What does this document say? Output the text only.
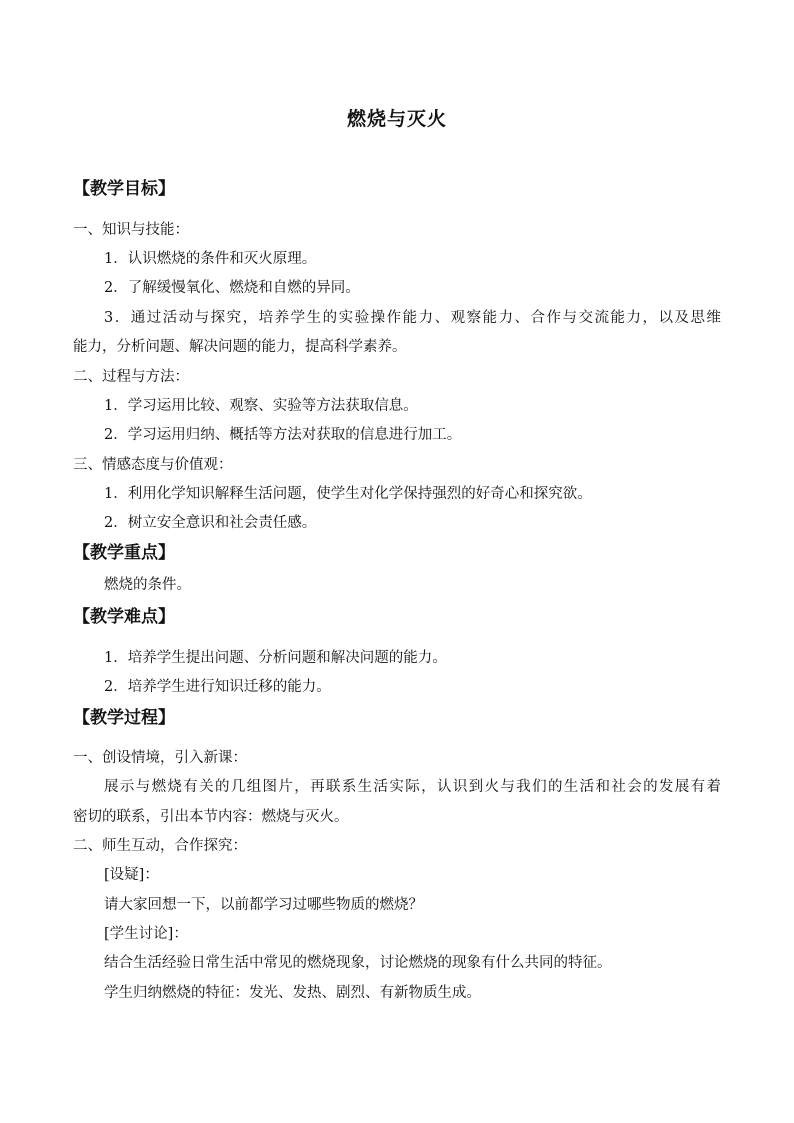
燃烧与灭火
【教学目标】
一、知识与技能：
1．认识燃烧的条件和灭火原理。
2．了解缓慢氧化、燃烧和自燃的异同。
3．通过活动与探究，培养学生的实验操作能力、观察能力、合作与交流能力，以及思维
能力，分析问题、解决问题的能力，提高科学素养。
二、过程与方法：
1．学习运用比较、观察、实验等方法获取信息。
2．学习运用归纳、概括等方法对获取的信息进行加工。
三、情感态度与价值观：
1．利用化学知识解释生活问题，使学生对化学保持强烈的好奇心和探究欲。
2．树立安全意识和社会责任感。
【教学重点】
燃烧的条件。
【教学难点】
1．培养学生提出问题、分析问题和解决问题的能力。
2．培养学生进行知识迁移的能力。
【教学过程】
一、创设情境，引入新课：
展示与燃烧有关的几组图片，再联系生活实际，认识到火与我们的生活和社会的发展有着
密切的联系，引出本节内容：燃烧与灭火。
二、师生互动，合作探究：
[设疑]：
请大家回想一下，以前都学习过哪些物质的燃烧？
[学生讨论]：
结合生活经验日常生活中常见的燃烧现象，讨论燃烧的现象有什么共同的特征。
学生归纳燃烧的特征：发光、发热、剧烈、有新物质生成。
